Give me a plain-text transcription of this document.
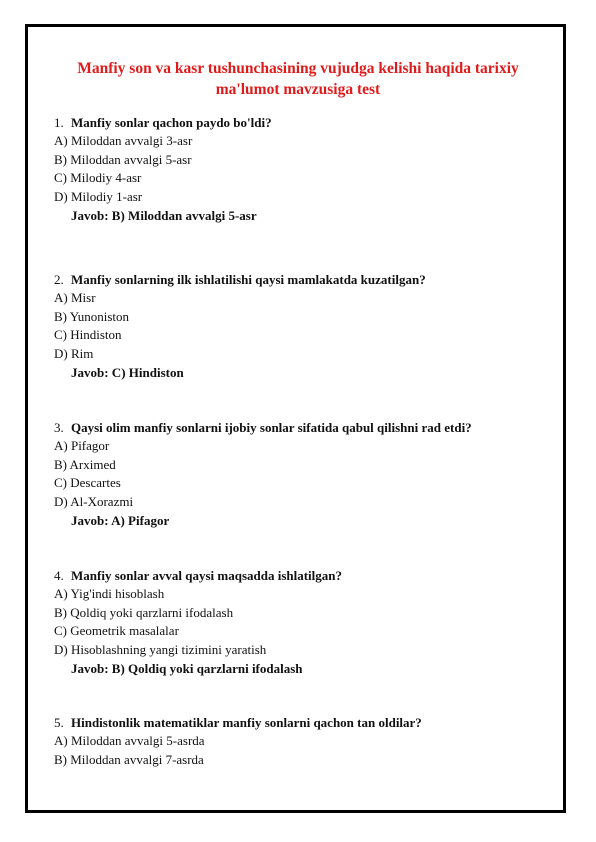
Manfiy son va kasr tushunchasining vujudga kelishi haqida tarixiy
ma'lumot mavzusiga test
1. Manfiy sonlar qachon paydo bo'ldi?
A) Miloddan avvalgi 3-asr
B) Miloddan avvalgi 5-asr
C) Milodiy 4-asr
D) Milodiy 1-asr
Javob: B) Miloddan avvalgi 5-asr
2. Manfiy sonlarning ilk ishlatilishi qaysi mamlakatda kuzatilgan?
A) Misr
B) Yunoniston
C) Hindiston
D) Rim
Javob: C) Hindiston
3. Qaysi olim manfiy sonlarni ijobiy sonlar sifatida qabul qilishni rad etdi?
A) Pifagor
B) Arximed
C) Descartes
D) Al-Xorazmi
Javob: A) Pifagor
4. Manfiy sonlar avval qaysi maqsadda ishlatilgan?
A) Yig'indi hisoblash
B) Qoldiq yoki qarzlarni ifodalash
C) Geometrik masalalar
D) Hisoblashning yangi tizimini yaratish
Javob: B) Qoldiq yoki qarzlarni ifodalash
5. Hindistonlik matematiklar manfiy sonlarni qachon tan oldilar?
A) Miloddan avvalgi 5-asrda
B) Miloddan avvalgi 7-asrda
